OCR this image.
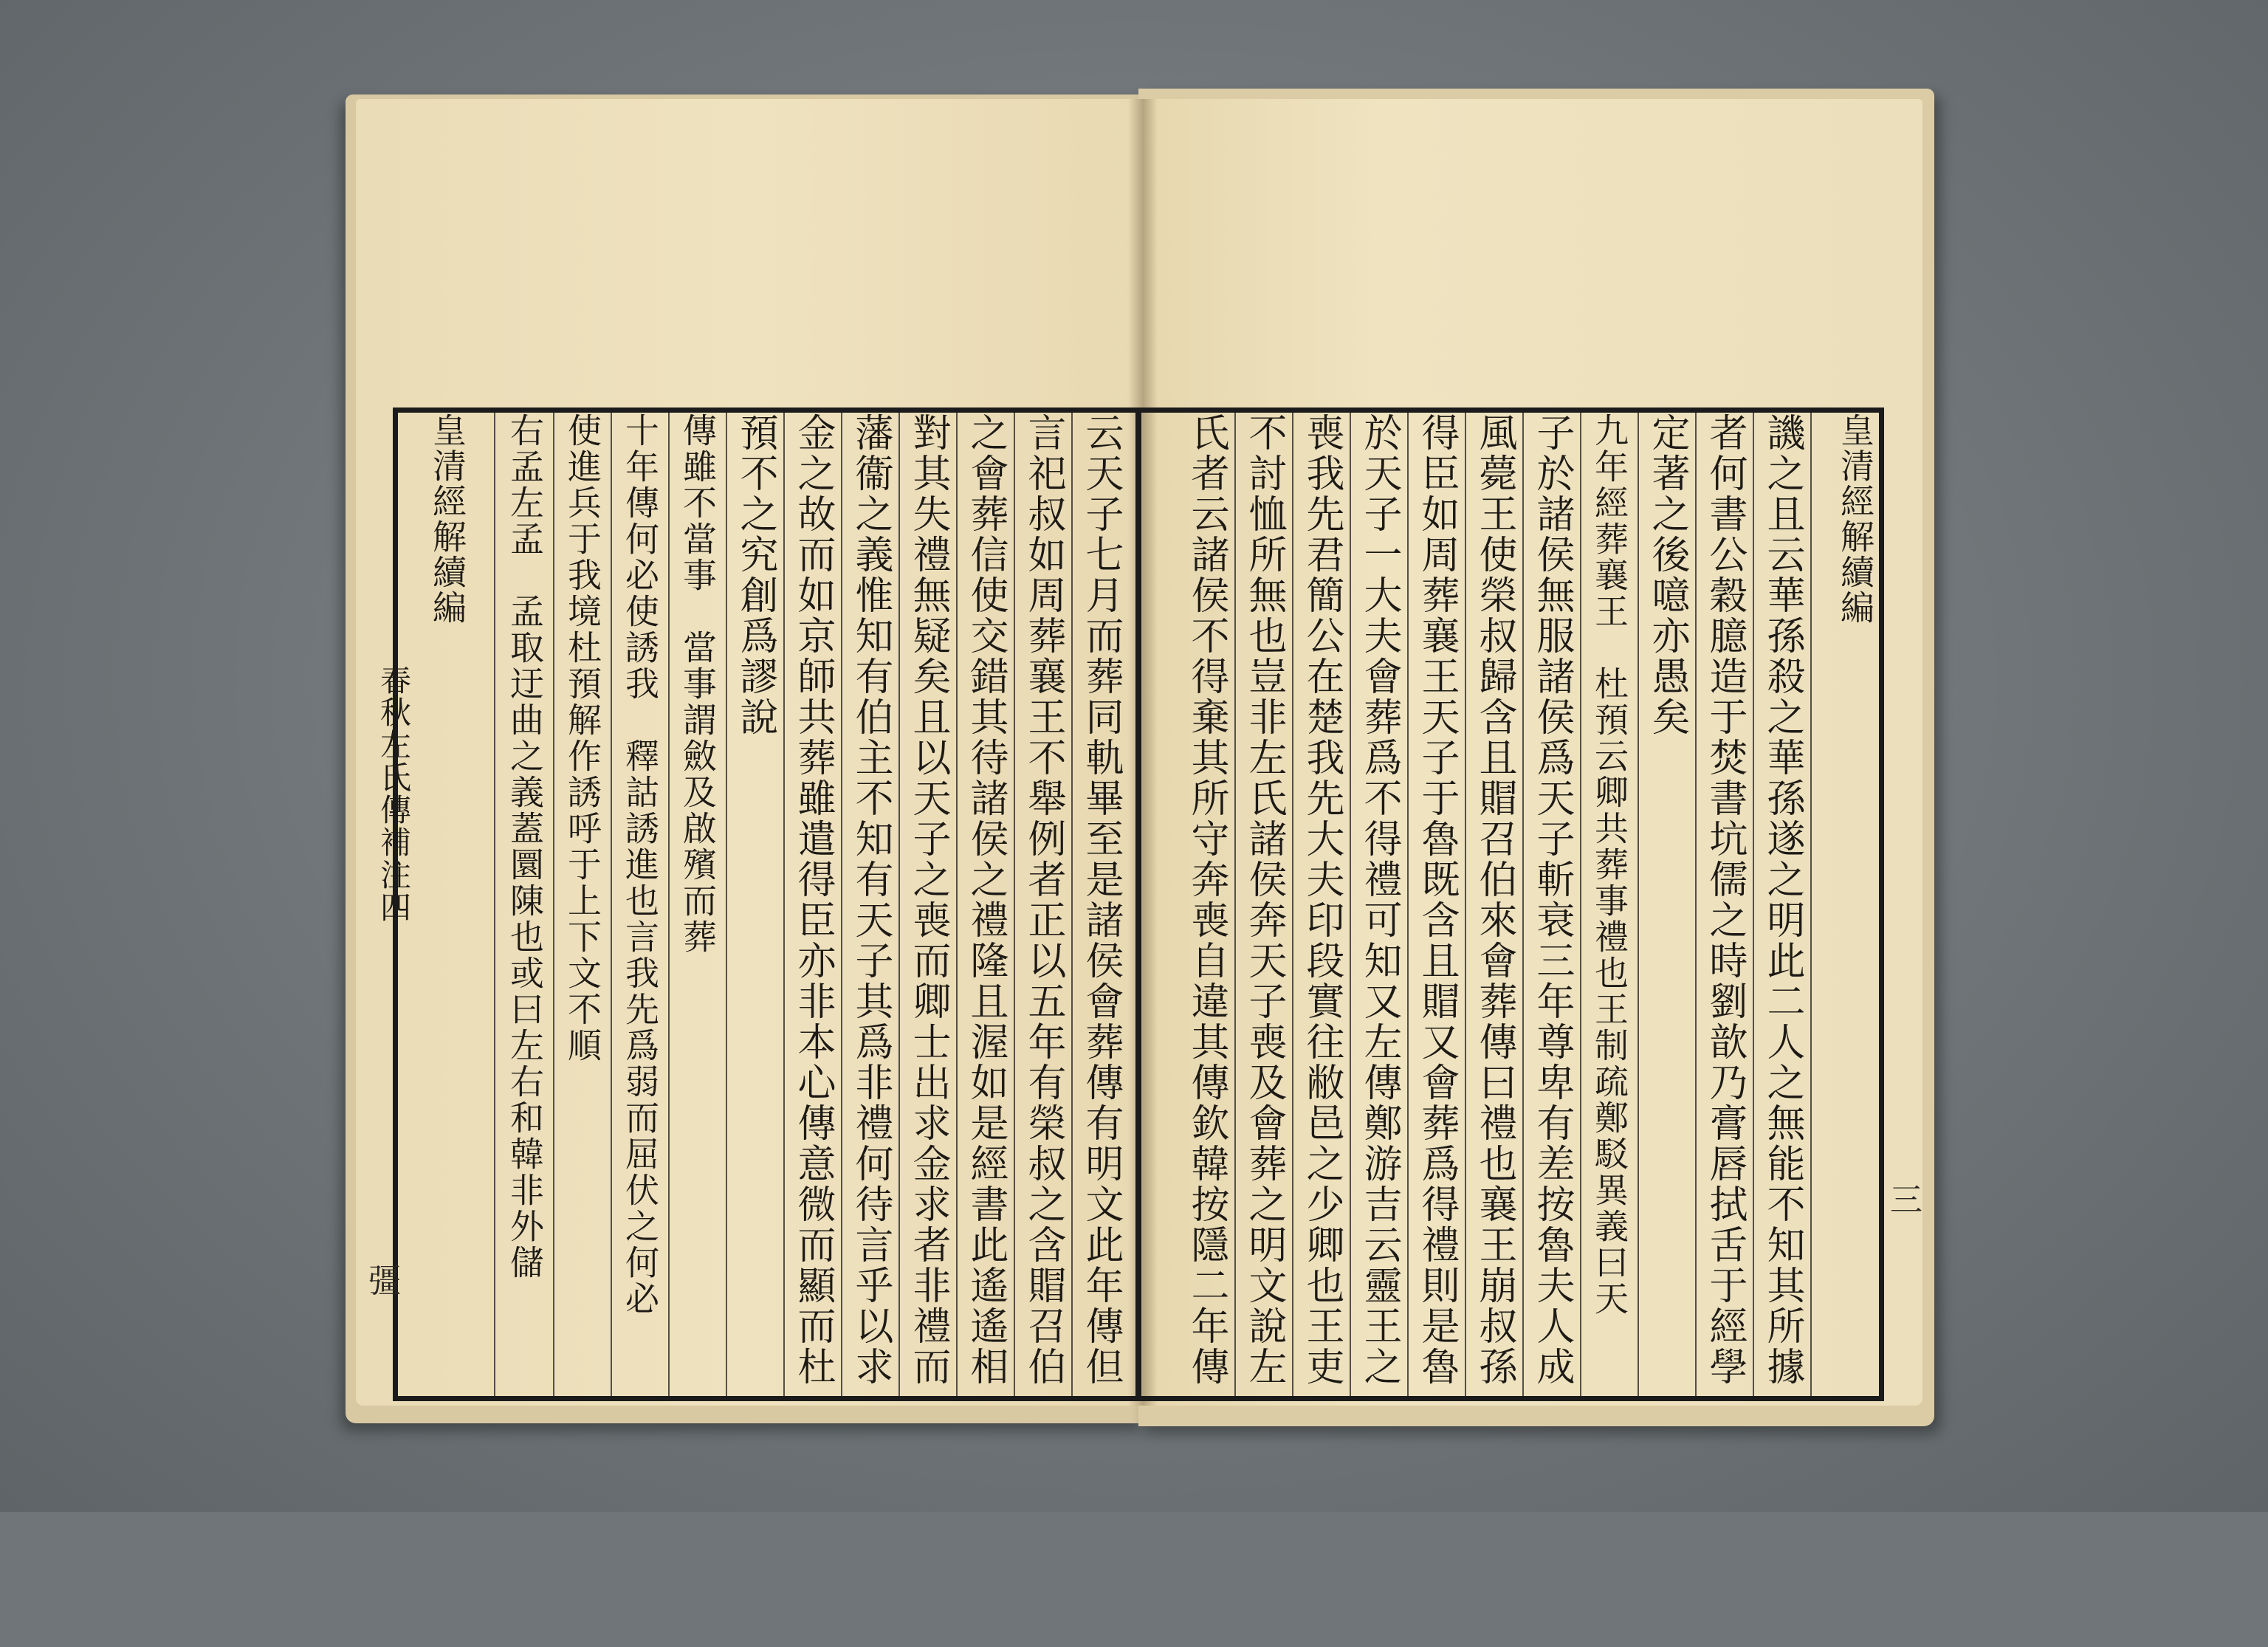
云天子七月而葬同軌畢至是諸侯會葬傳有明文此年傳但
言祀叔如周葬襄王不舉例者正以五年有榮叔之含賵召伯
之會葬信使交錯其待諸侯之禮隆且渥如是經書此遙遙相
對其失禮無疑矣且以天子之喪而卿士出求金求者非禮而
藩衞之義惟知有伯主不知有天子其爲非禮何待言乎以求
金之故而如京師共葬雖遣得臣亦非本心傳意微而顯而杜
預不之究創爲謬說
傳雖不當事　當事謂斂及啟殯而葬
十年傳何必使誘我　釋詁誘進也言我先爲弱而屈伏之何必
使進兵于我境杜預解作誘呼于上下文不順
右孟左孟　孟取迂曲之義蓋圜陳也或曰左右和韓非外儲
皇清經解續編
春秋左氏傳補注四
彊
皇清經解續編
三
譏之且云華孫殺之華孫遂之明此二人之無能不知其所據
者何書公穀臆造于焚書坑儒之時劉歆乃膏唇拭舌于經學
定著之後噫亦愚矣
九年經葬襄王　杜預云卿共葬事禮也王制疏鄭駁異義曰天
子於諸侯無服諸侯爲天子斬衰三年尊卑有差按魯夫人成
風薨王使榮叔歸含且賵召伯來會葬傳曰禮也襄王崩叔孫
得臣如周葬襄王天子于魯既含且賵又會葬爲得禮則是魯
於天子一大夫會葬爲不得禮可知又左傳鄭游吉云靈王之
喪我先君簡公在楚我先大夫印段實往敝邑之少卿也王吏
不討恤所無也豈非左氏諸侯奔天子喪及會葬之明文說左
氏者云諸侯不得棄其所守奔喪自違其傳欽韓按隱二年傳
